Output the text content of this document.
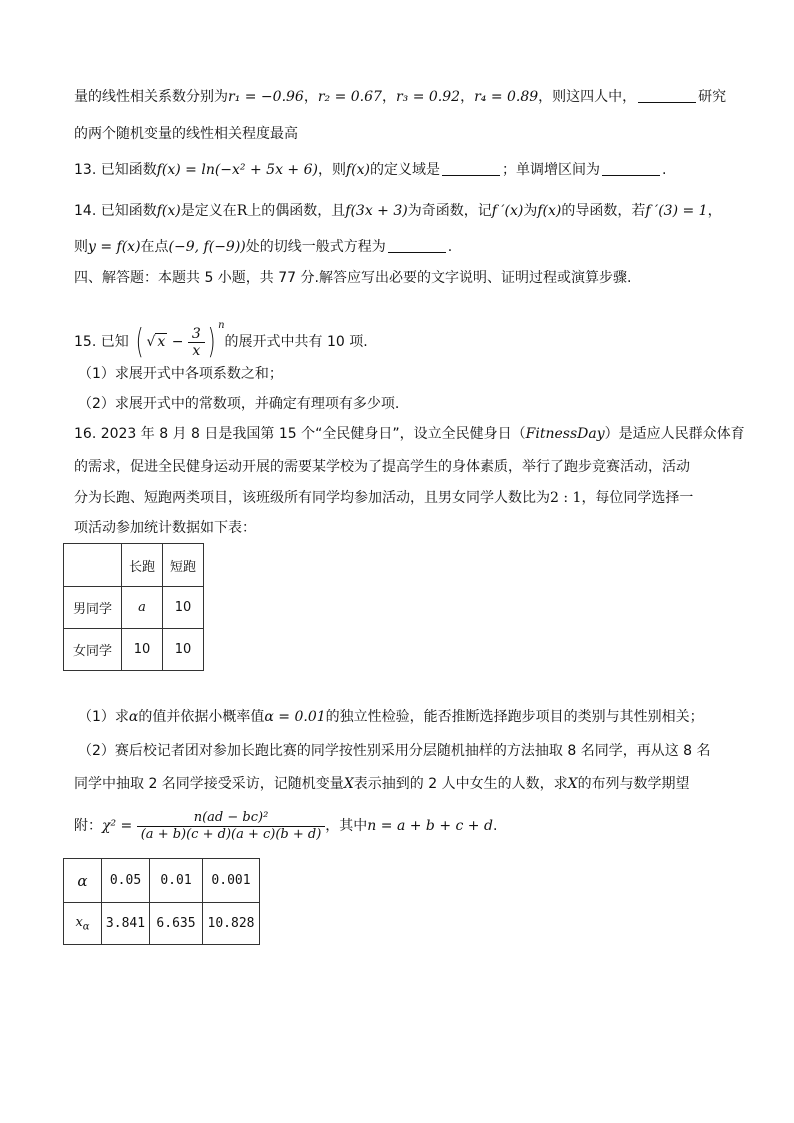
量的线性相关系数分别为r₁ = −0.96，r₂ = 0.67，r₃ = 0.92，r₄ = 0.89，则这四人中，	研究
的两个随机变量的线性相关程度最高
13. 已知函数f(x) = ln(−x² + 5x + 6)，则f(x)的定义域是	；单调增区间为	.
14. 已知函数f(x)是定义在R上的偶函数，且f(3x + 3)为奇函数，记f ′(x)为f(x)的导函数，若f ′(3) = 1，
则y = f(x)在点(−9, f(−9))处的切线一般式方程为	.
四、解答题：本题共 5 小题，共 77 分.解答应写出必要的文字说明、证明过程或演算步骤.
15. 已知 ( √ $x - \frac{3}{x}$ ) $^n$的展开式中共有 10 项.
（1）求展开式中各项系数之和；
（2）求展开式中的常数项，并确定有理项有多少项.
16. 2023 年 8 月 8 日是我国第 15 个“全民健身日”，设立全民健身日（FitnessDay）是适应人民群众体育
的需求，促进全民健身运动开展的需要某学校为了提高学生的身体素质，举行了跑步竞赛活动，活动
分为长跑、短跑两类项目，该班级所有同学均参加活动，且男女同学人数比为2 : 1，每位同学选择一
项活动参加统计数据如下表：
	长跑	短跑
男同学	a	10
女同学	10	10
（1）求α的值并依据小概率值α = 0.01的独立性检验，能否推断选择跑步项目的类别与其性别相关；
（2）赛后校记者团对参加长跑比赛的同学按性别采用分层随机抽样的方法抽取 8 名同学，再从这 8 名
同学中抽取 2 名同学接受采访，记随机变量X表示抽到的 2 人中女生的人数，求X的布列与数学期望
附：$\chi^2 = \frac{\text{n(ad − bc)²}}{(a + b)(c + d)(a + c)(b + d)}$ ，其中n = a + b + c + d.
α	0.05	0.01	0.001
$x_\alpha$	3.841	6.635	10.828
